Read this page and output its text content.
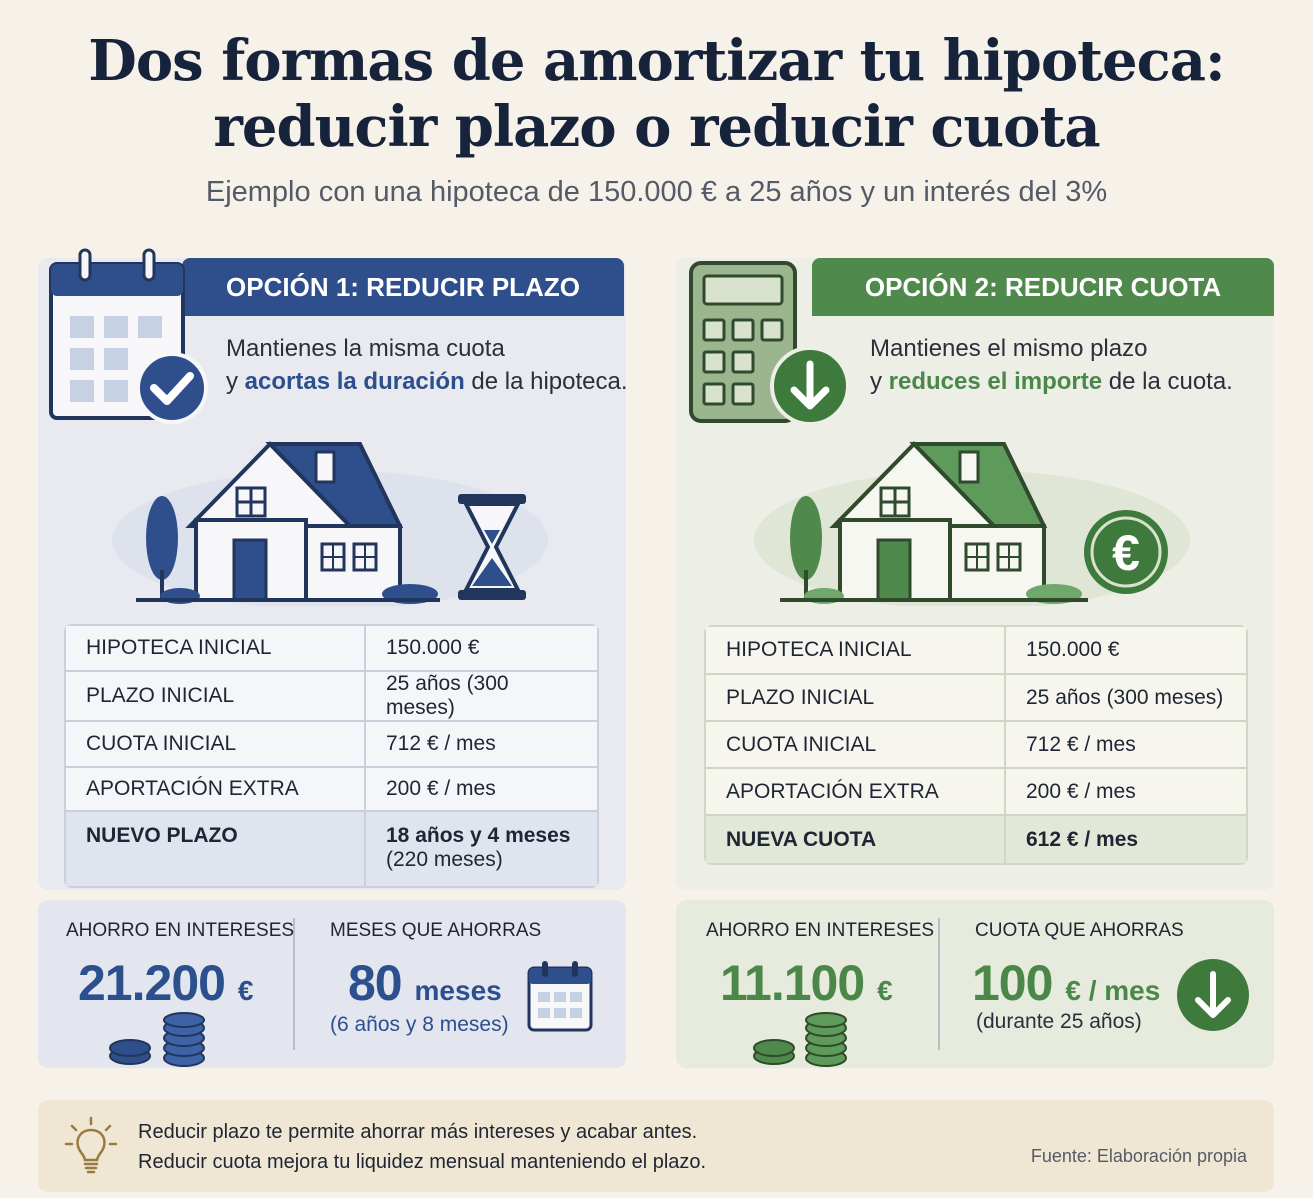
Dos formas de amortizar tu hipoteca:
reducir plazo o reducir cuota
Ejemplo con una hipoteca de 150.000 € a 25 años y un interés del 3%
OPCIÓN 1: REDUCIR PLAZO	OPCIÓN 2: REDUCIR CUOTA
Mantienes la misma cuota
y acortas la duración de la hipoteca.
Mantienes el mismo plazo
y reduces el importe de la cuota.
€
HIPOTECA INICIAL	150.000 €
PLAZO INICIAL	25 años (300 meses)
CUOTA INICIAL	712 € / mes
APORTACIÓN EXTRA	200 € / mes
NUEVO PLAZO	18 años y 4 meses
(220 meses)
HIPOTECA INICIAL	150.000 €
PLAZO INICIAL	25 años (300 meses)
CUOTA INICIAL	712 € / mes
APORTACIÓN EXTRA	200 € / mes
NUEVA CUOTA	612 € / mes
AHORRO EN INTERESES
21.200 €
MESES QUE AHORRAS
80 meses
(6 años y 8 meses)
AHORRO EN INTERESES
11.100 €
CUOTA QUE AHORRAS
100 € / mes
(durante 25 años)
Reducir plazo te permite ahorrar más intereses y acabar antes.
Reducir cuota mejora tu liquidez mensual manteniendo el plazo.	Fuente: Elaboración propia
